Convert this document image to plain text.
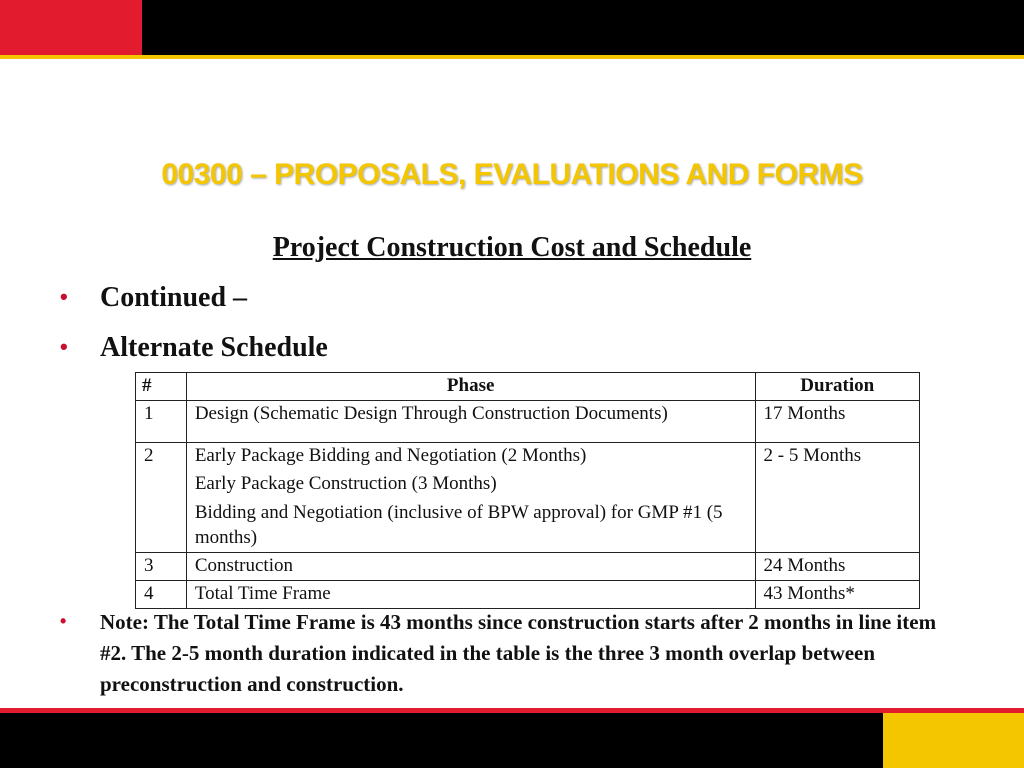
00300 – PROPOSALS, EVALUATIONS AND FORMS
Project Construction Cost and Schedule
• Continued –
• Alternate Schedule
#	Phase	Duration
1	Design (Schematic Design Through Construction Documents)	17 Months
2	Early Package Bidding and Negotiation (2 Months)
Early Package Construction (3 Months)
Bidding and Negotiation (inclusive of BPW approval) for GMP #1 (5 months)	2 - 5 Months
3	Construction	24 Months
4	Total Time Frame	43 Months*
• Note: The Total Time Frame is 43 months since construction starts after 2 months in line item #2. The 2-5 month duration indicated in the table is the three 3 month overlap between preconstruction and construction.
